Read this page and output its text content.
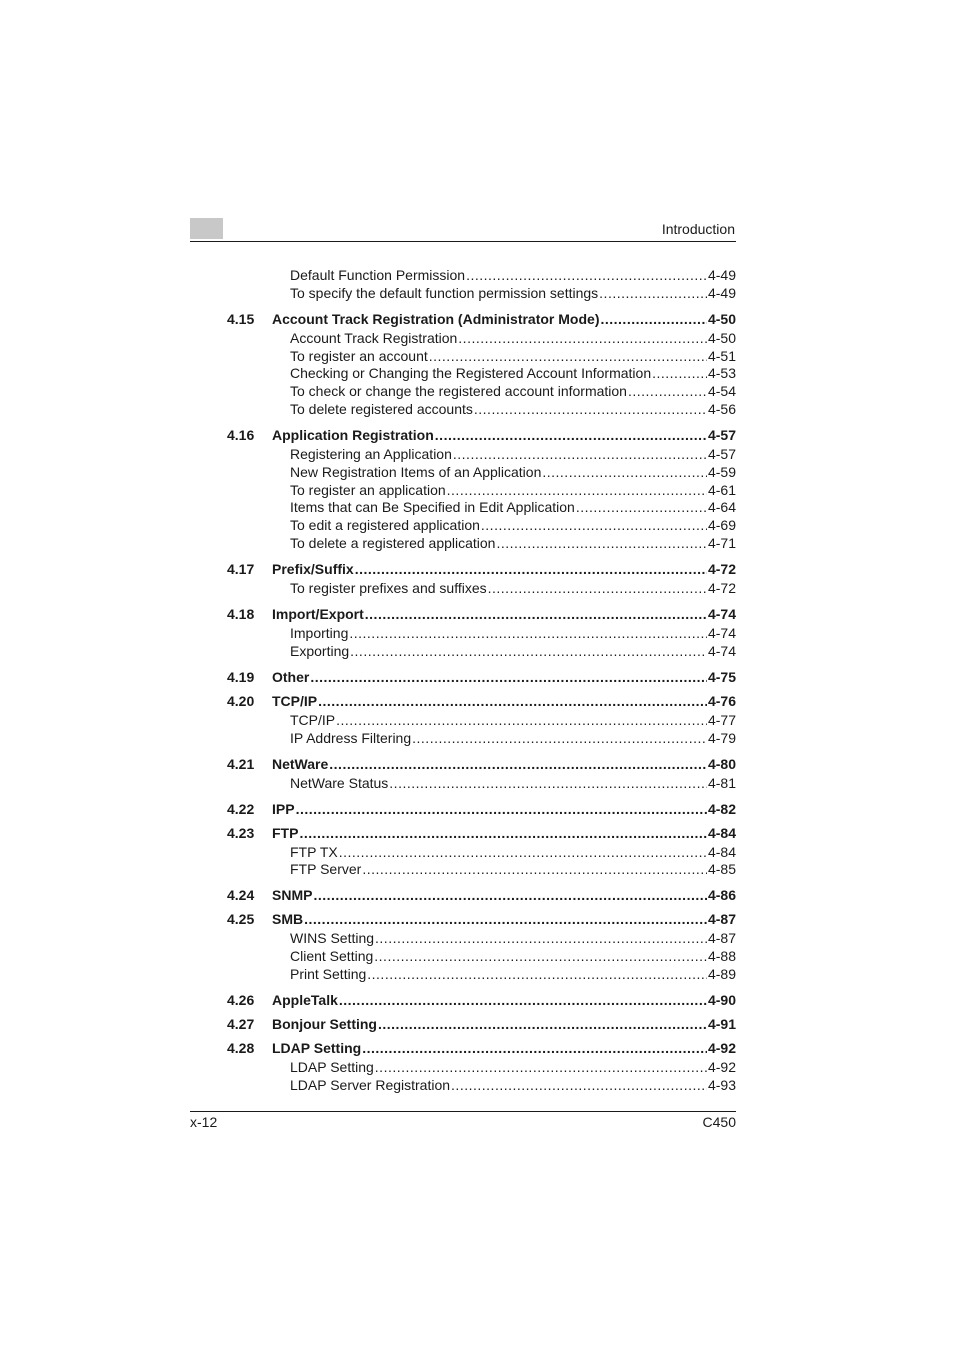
Introduction
Default Function Permission .....	4-49
To specify the default function permission settings .....	4-49
4.15 Account Track Registration (Administrator Mode) .....	4-50
Account Track Registration .....	4-50
To register an account .....	4-51
Checking or Changing the Registered Account Information .....	4-53
To check or change the registered account information .....	4-54
To delete registered accounts .....	4-56
4.16 Application Registration .....	4-57
Registering an Application .....	4-57
New Registration Items of an Application .....	4-59
To register an application .....	4-61
Items that can Be Specified in Edit Application .....	4-64
To edit a registered application .....	4-69
To delete a registered application .....	4-71
4.17 Prefix/Suffix .....	4-72
To register prefixes and suffixes .....	4-72
4.18 Import/Export .....	4-74
Importing .....	4-74
Exporting .....	4-74
4.19 Other .....	4-75
4.20 TCP/IP .....	4-76
TCP/IP .....	4-77
IP Address Filtering .....	4-79
4.21 NetWare .....	4-80
NetWare Status .....	4-81
4.22 IPP .....	4-82
4.23 FTP .....	4-84
FTP TX .....	4-84
FTP Server .....	4-85
4.24 SNMP .....	4-86
4.25 SMB .....	4-87
WINS Setting .....	4-87
Client Setting .....	4-88
Print Setting .....	4-89
4.26 AppleTalk .....	4-90
4.27 Bonjour Setting .....	4-91
4.28 LDAP Setting .....	4-92
LDAP Setting .....	4-92
LDAP Server Registration .....	4-93
x-12	C450
